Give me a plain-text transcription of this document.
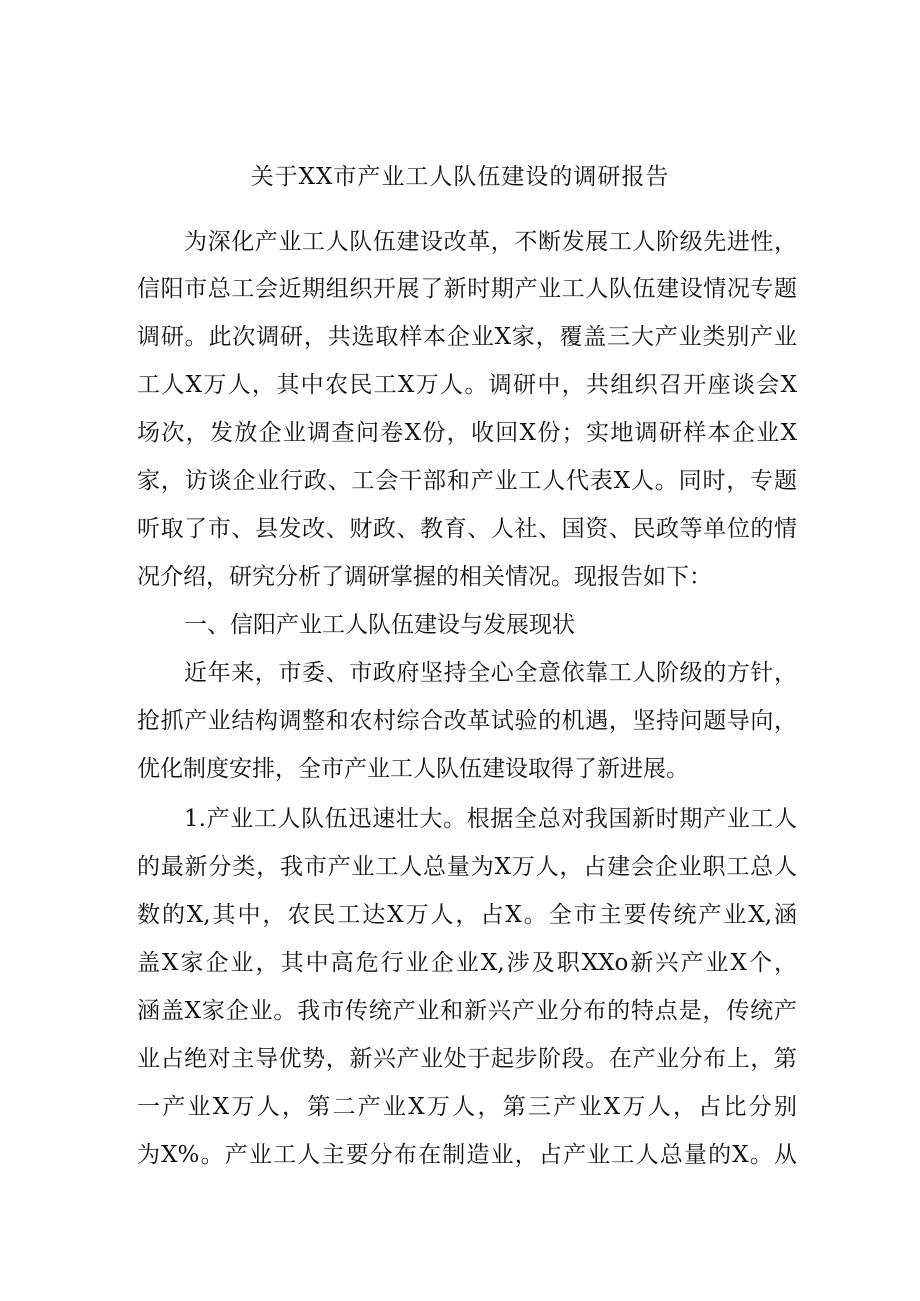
关于XX市产业工人队伍建设的调研报告
为深化产业工人队伍建设改革，不断发展工人阶级先进性，
信阳市总工会近期组织开展了新时期产业工人队伍建设情况专题
调研。此次调研，共选取样本企业X家，覆盖三大产业类别产业
工人X万人，其中农民工X万人。调研中，共组织召开座谈会X
场次，发放企业调查问卷X份，收回X份；实地调研样本企业X
家，访谈企业行政、工会干部和产业工人代表X人。同时，专题
听取了市、县发改、财政、教育、人社、国资、民政等单位的情
况介绍，研究分析了调研掌握的相关情况。现报告如下：
一、信阳产业工人队伍建设与发展现状
近年来，市委、市政府坚持全心全意依靠工人阶级的方针，
抢抓产业结构调整和农村综合改革试验的机遇，坚持问题导向，
优化制度安排，全市产业工人队伍建设取得了新进展。
1.产业工人队伍迅速壮大。根据全总对我国新时期产业工人
的最新分类，我市产业工人总量为X万人，占建会企业职工总人
数的X,其中，农民工达X万人，占X。全市主要传统产业X,涵
盖X家企业，其中高危行业企业X,涉及职XXo新兴产业X个，
涵盖X家企业。我市传统产业和新兴产业分布的特点是，传统产
业占绝对主导优势，新兴产业处于起步阶段。在产业分布上，第
一产业X万人，第二产业X万人，第三产业X万人，占比分别
为X%。产业工人主要分布在制造业，占产业工人总量的X。从
